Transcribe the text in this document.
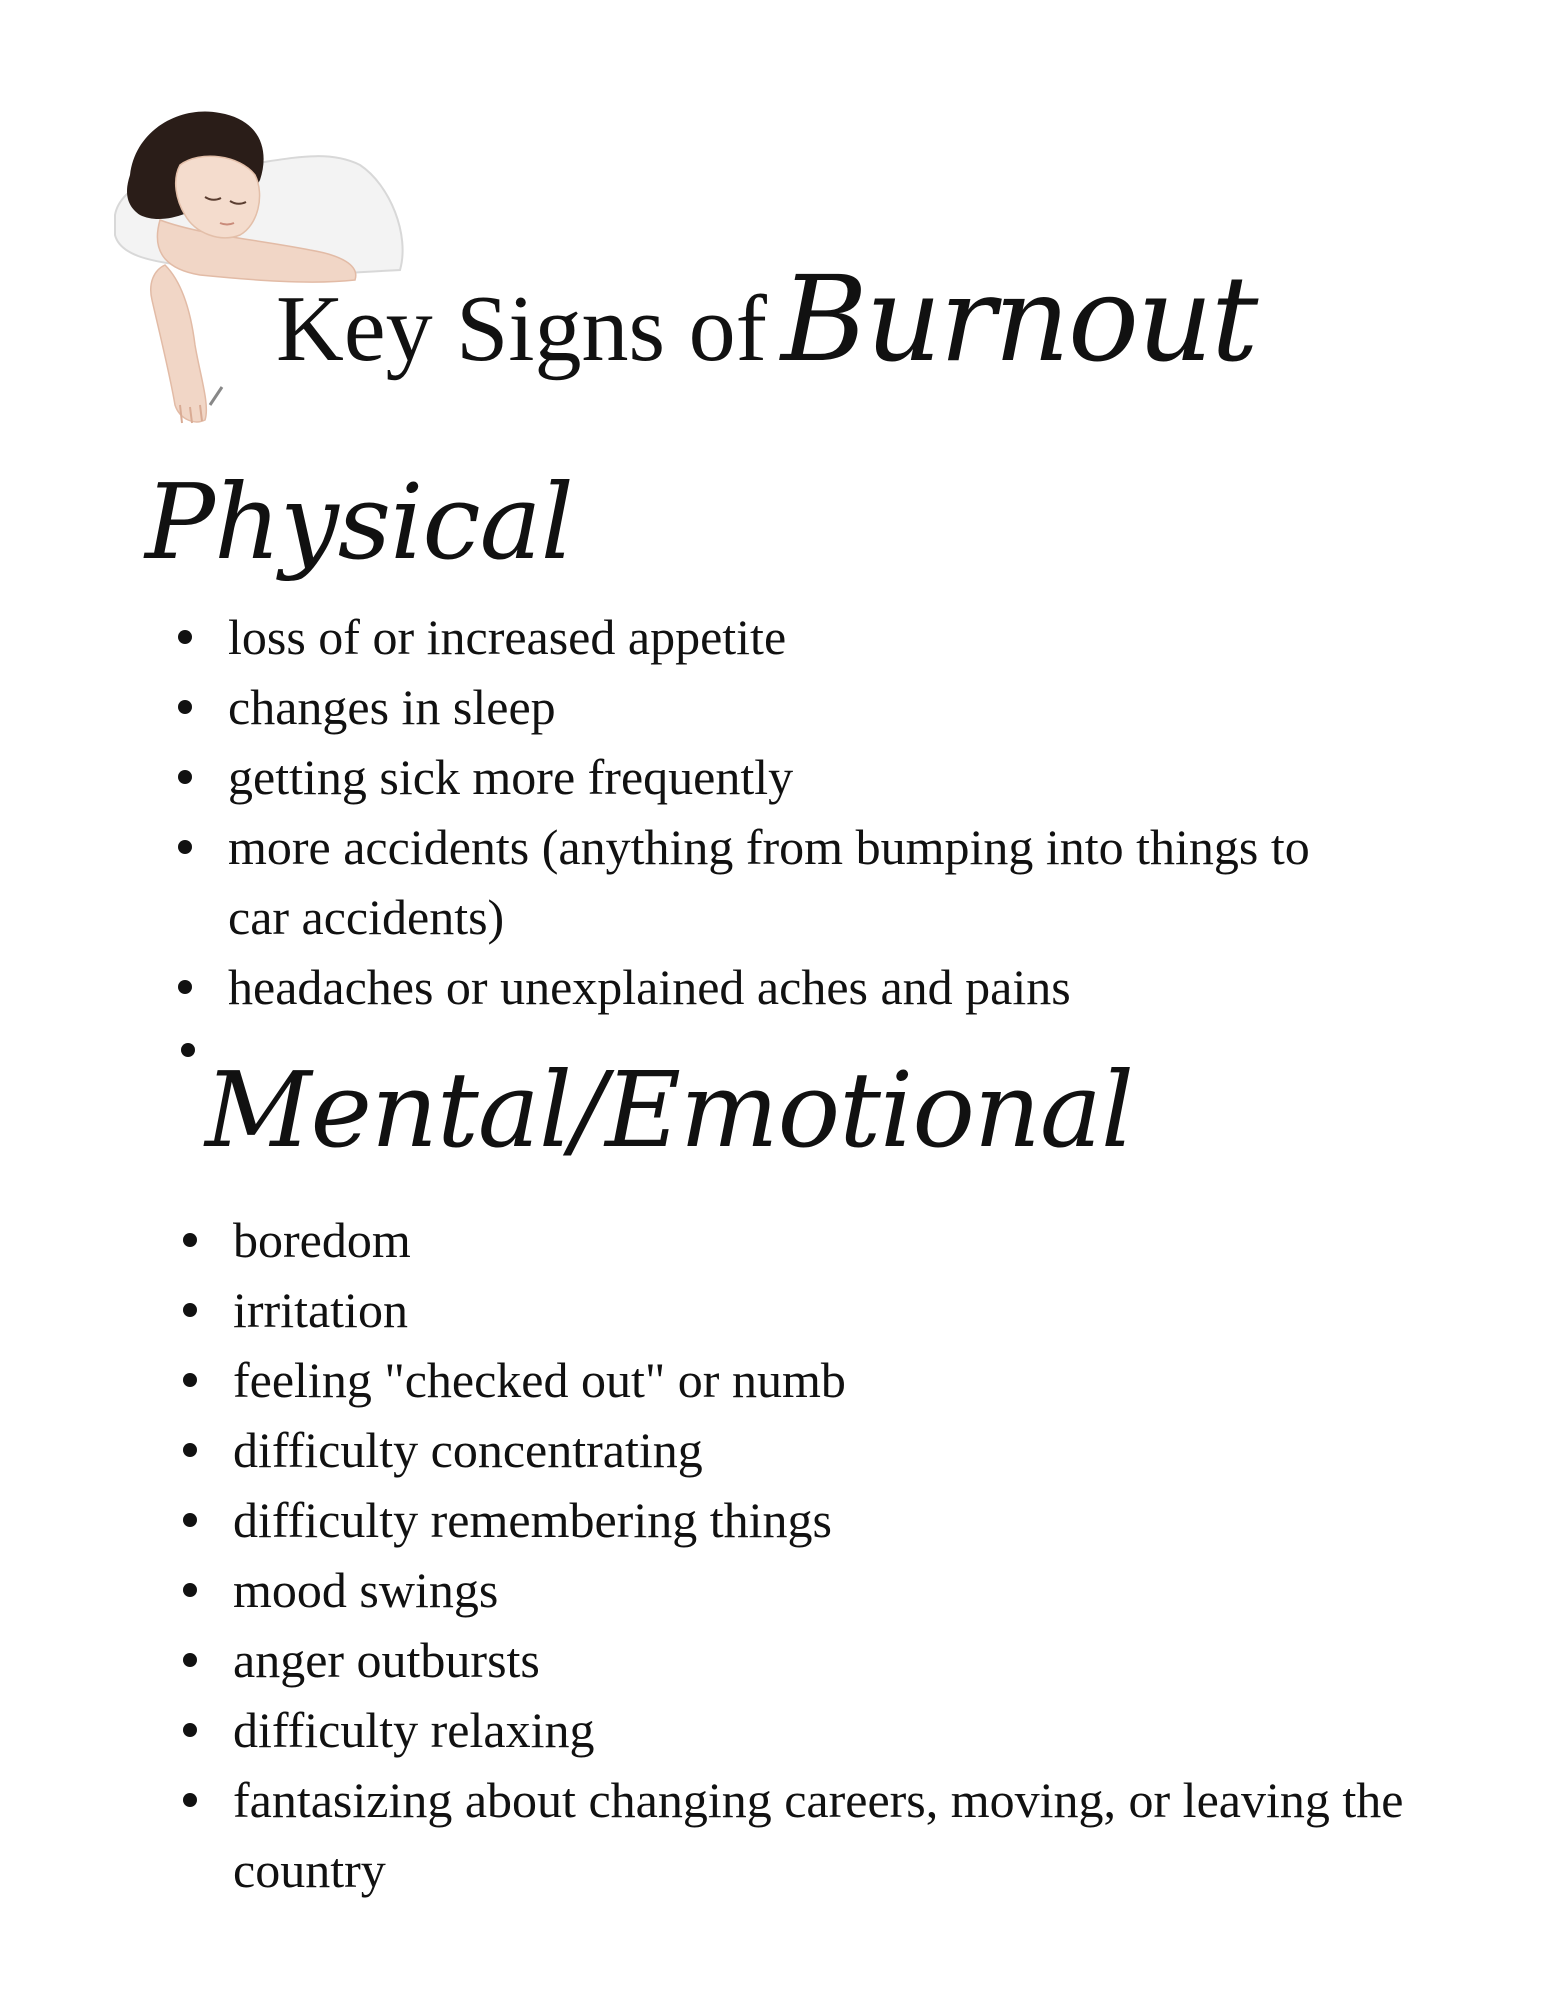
Key Signs of Burnout
Physical
loss of or increased appetite
changes in sleep
getting sick more frequently
more accidents (anything from bumping into things to car accidents)
headaches or unexplained aches and pains
Mental/Emotional
boredom
irritation
feeling "checked out" or numb
difficulty concentrating
difficulty remembering things
mood swings
anger outbursts
difficulty relaxing
fantasizing about changing careers, moving, or leaving the country
